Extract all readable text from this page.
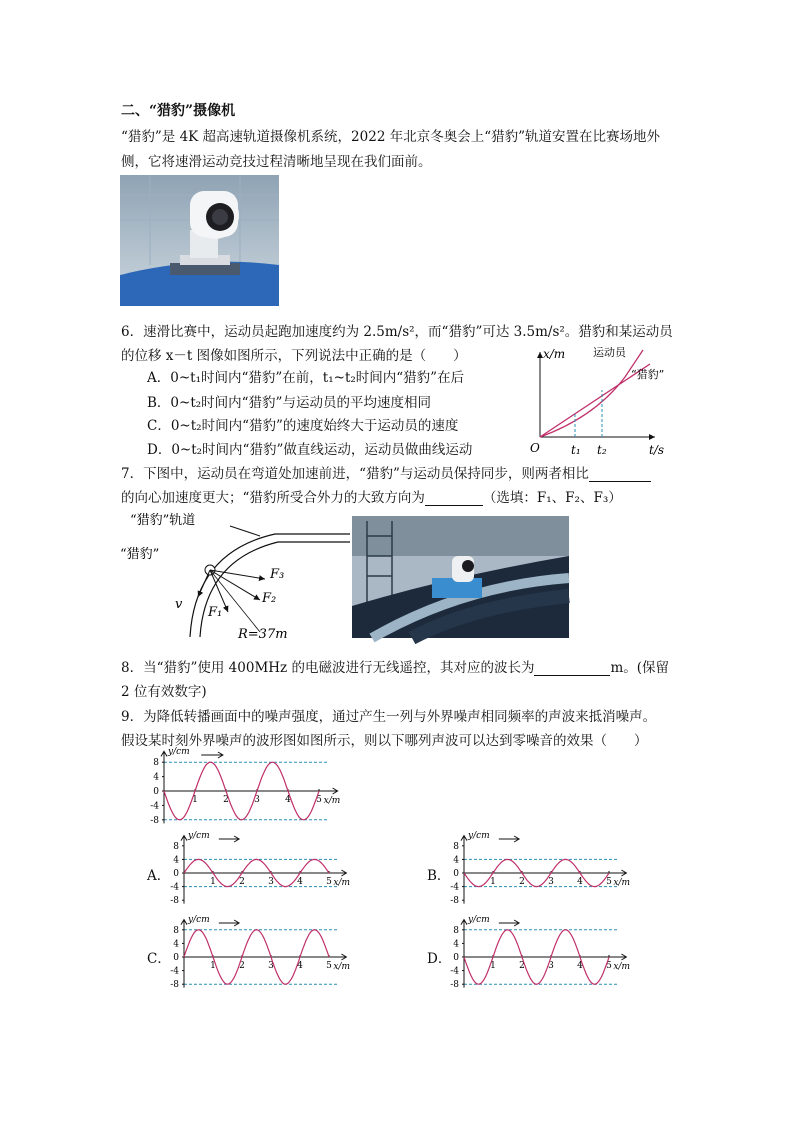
二、“猎豹”摄像机
“猎豹”是 4K 超高速轨道摄像机系统，2022 年北京冬奥会上“猎豹”轨道安置在比赛场地外
侧，它将速滑运动竞技过程清晰地呈现在我们面前。
6．速滑比赛中，运动员起跑加速度约为 2.5m/s²，而“猎豹”可达 3.5m/s²。猎豹和某运动员
的位移 x－t 图像如图所示，下列说法中正确的是（　　）
A．0~t₁时间内“猎豹”在前，t₁~t₂时间内“猎豹”在后
B．0~t₂时间内“猎豹”与运动员的平均速度相同
C．0~t₂时间内“猎豹”的速度始终大于运动员的速度
D．0~t₂时间内“猎豹”做直线运动，运动员做曲线运动
x/m
t/s
O	t₁ t₂
运动员
“猎豹”
7．下图中，运动员在弯道处加速前进，“猎豹”与运动员保持同步，则两者相比
的向心加速度更大；“猎豹所受合外力的大致方向为	（选填：F₁、F₂、F₃）
“猎豹”轨道
“猎豹”
v
F₁
F₂
F₃
R=37m
8．当“猎豹”使用 400MHz 的电磁波进行无线遥控，其对应的波长为	m。(保留
2 位有效数字)
9．为降低转播画面中的噪声强度，通过产生一列与外界噪声相同频率的声波来抵消噪声。
假设某时刻外界噪声的波形图如图所示，则以下哪列声波可以达到零噪音的效果（　　）
8
4
0
-4
-8
1	2	3	4	5
y/cm
x/m
A．
8
4
0
-4
-8
1	2	3	4	5
y/cm
x/m	B．
8
4
0
-4
-8
1	2	3	4	5
y/cm
x/m
C．
8
4
0
-4
-8
1	2	3	4	5
y/cm
x/m	D．
8
4
0
-4
-8
1	2	3	4	5
y/cm
x/m
